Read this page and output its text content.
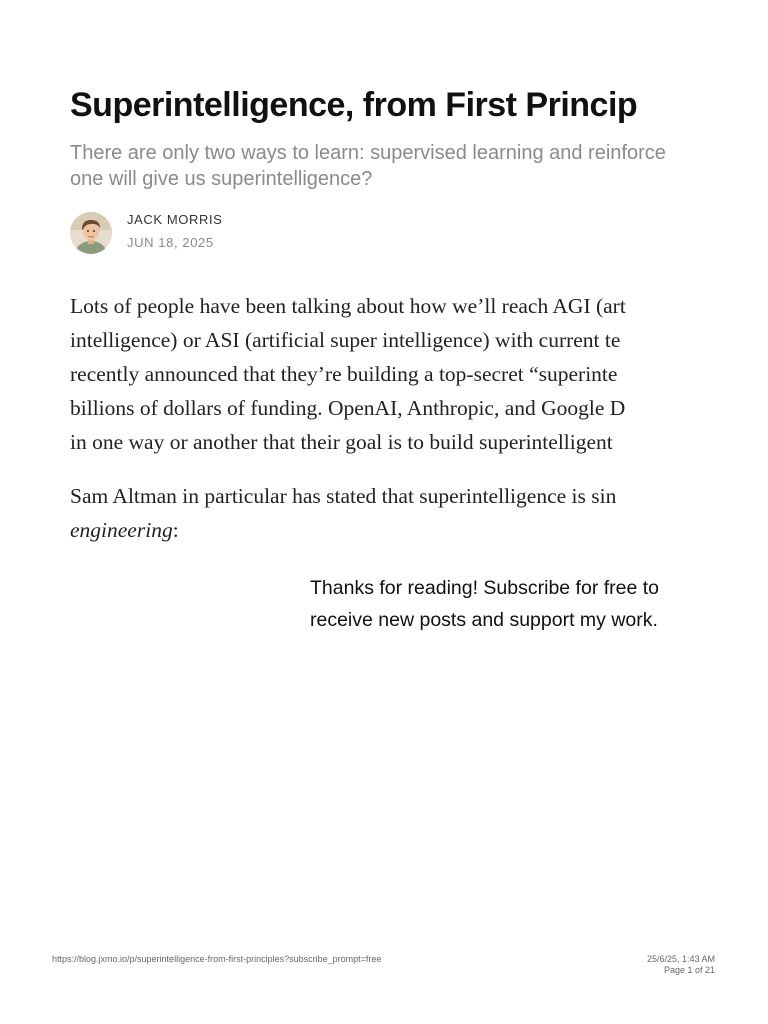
Superintelligence, from First Princip

There are only two ways to learn: supervised learning and reinforce
one will give us superintelligence?

JACK MORRIS
JUN 18, 2025

Lots of people have been talking about how we’ll reach AGI (art
intelligence) or ASI (artificial super intelligence) with current te
recently announced that they’re building a top-secret “superinte
billions of dollars of funding. OpenAI, Anthropic, and Google D
in one way or another that their goal is to build superintelligent

Sam Altman in particular has stated that superintelligence is sin
engineering:

Thanks for reading! Subscribe for free to
receive new posts and support my work.

https://blog.jxmo.io/p/superintelligence-from-first-principles?subscribe_prompt=free	25/6/25, 1:43 AM
Page 1 of 21
